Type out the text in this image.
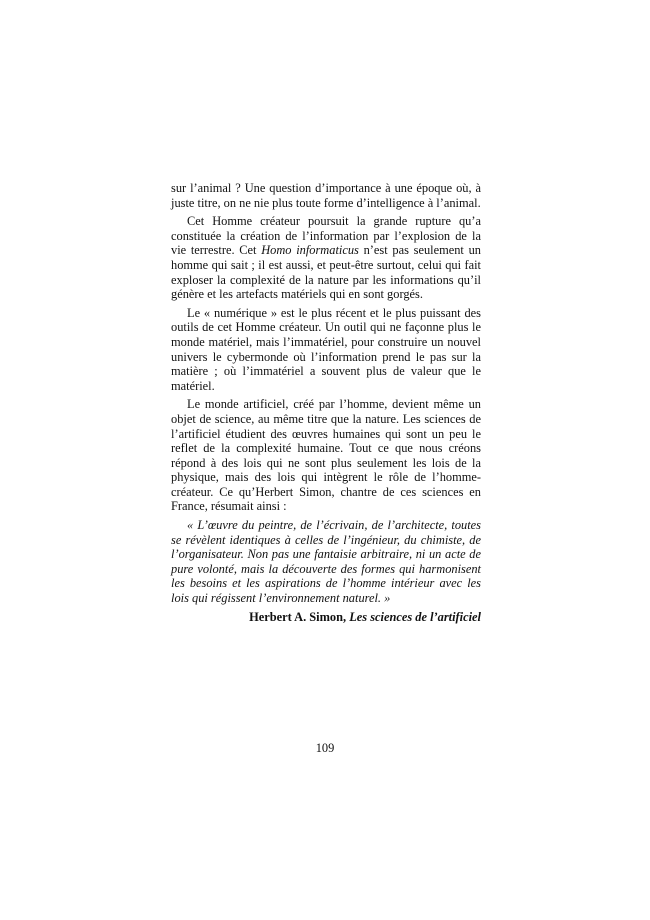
sur l’animal ? Une question d’importance à une époque où, à juste titre, on ne nie plus toute forme d’intelligence à l’animal.

Cet Homme créateur poursuit la grande rupture qu’a constituée la création de l’information par l’explosion de la vie terrestre. Cet Homo informaticus n’est pas seulement un homme qui sait ; il est aussi, et peut-être surtout, celui qui fait exploser la complexité de la nature par les informations qu’il génère et les artefacts matériels qui en sont gorgés.

Le « numérique » est le plus récent et le plus puissant des outils de cet Homme créateur. Un outil qui ne façonne plus le monde matériel, mais l’immatériel, pour construire un nouvel univers le cybermonde où l’information prend le pas sur la matière ; où l’immatériel a souvent plus de valeur que le matériel.

Le monde artificiel, créé par l’homme, devient même un objet de science, au même titre que la nature. Les sciences de l’artificiel étudient des œuvres humaines qui sont un peu le reflet de la complexité humaine. Tout ce que nous créons répond à des lois qui ne sont plus seulement les lois de la physique, mais des lois qui intègrent le rôle de l’homme-créateur. Ce qu’Herbert Simon, chantre de ces sciences en France, résumait ainsi :

« L’œuvre du peintre, de l’écrivain, de l’architecte, toutes se révèlent identiques à celles de l’ingénieur, du chimiste, de l’organisateur. Non pas une fantaisie arbitraire, ni un acte de pure volonté, mais la découverte des formes qui harmonisent les besoins et les aspirations de l’homme intérieur avec les lois qui régissent l’environnement naturel. »

Herbert A. Simon, Les sciences de l’artificiel

109
